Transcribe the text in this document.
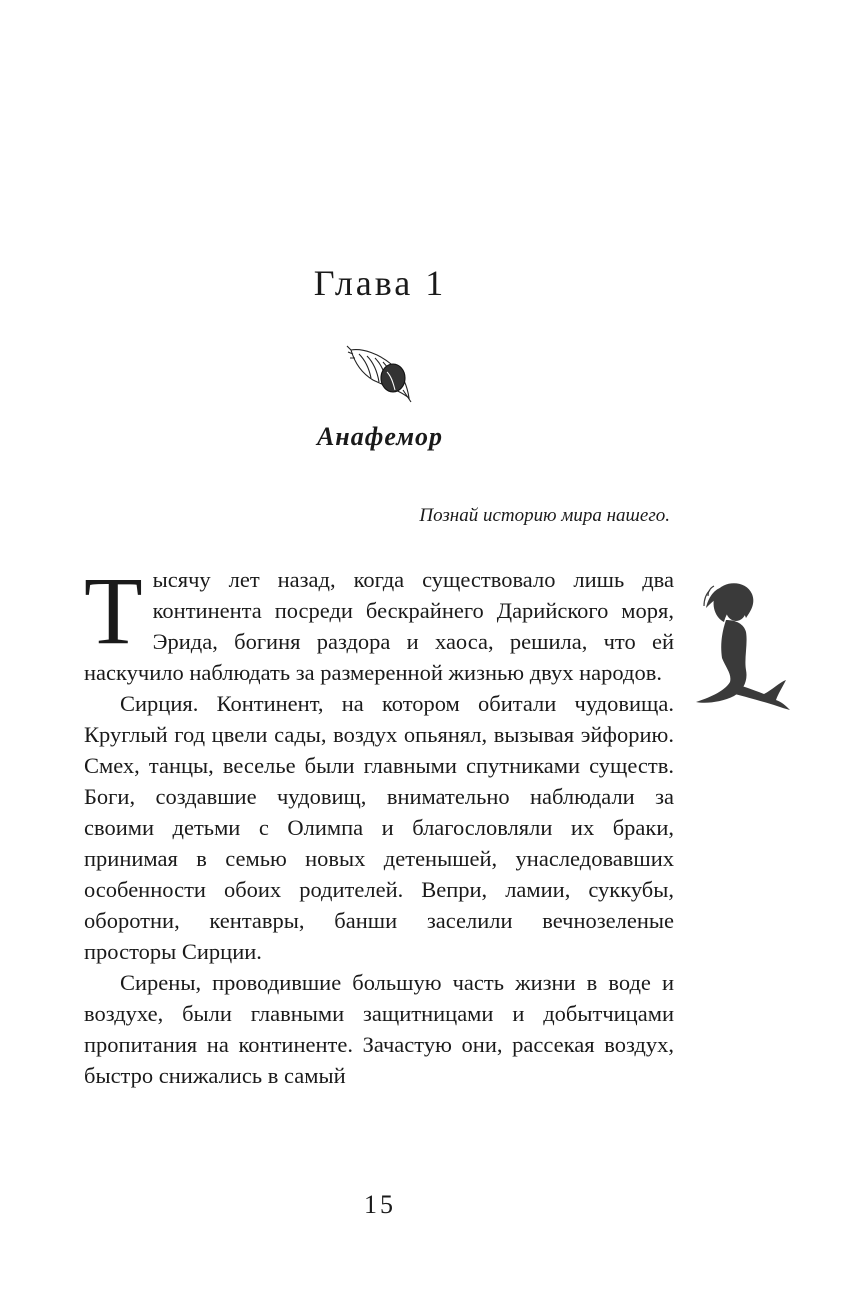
Глава 1
Анафемор

Познай историю мира нашего.

Тысячу лет назад, когда существовало лишь два континента посреди бескрайнего Дарийского моря, Эрида, богиня раздора и хаоса, решила, что ей наскучило наблюдать за размеренной жизнью двух народов.

Сирция. Континент, на котором обитали чудовища. Круглый год цвели сады, воздух опьянял, вызывая эйфорию. Смех, танцы, веселье были главными спутниками существ. Боги, создавшие чудовищ, внимательно наблюдали за своими детьми с Олимпа и благословляли их браки, принимая в семью новых детенышей, унаследовавших особенности обоих родителей. Вепри, ламии, суккубы, оборотни, кентавры, банши заселили вечнозеленые просторы Сирции.

Сирены, проводившие большую часть жизни в воде и воздухе, были главными защитницами и добытчицами пропитания на континенте. Зачастую они, рассекая воздух, быстро снижались в самый

15
